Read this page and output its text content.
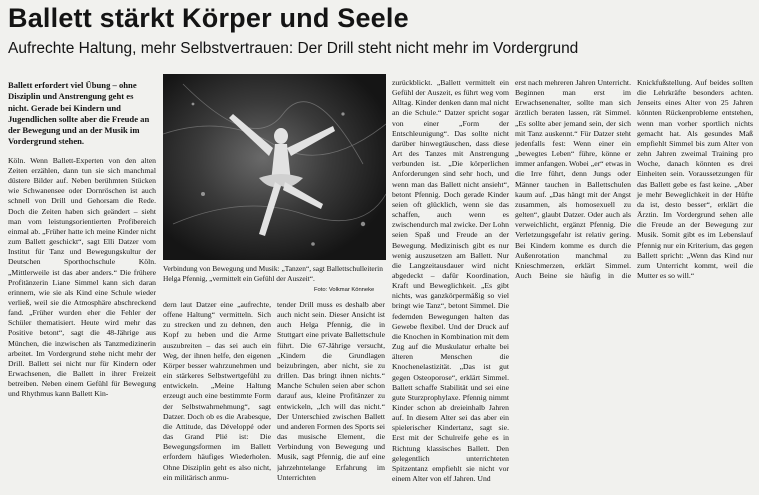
Ballett stärkt Körper und Seele
Aufrechte Haltung, mehr Selbstvertrauen: Der Drill steht nicht mehr im Vordergrund

Ballett erfordert viel Übung – ohne Disziplin und Anstrengung geht es nicht. Gerade bei Kindern und Jugendlichen sollte aber die Freude an der Bewegung und an der Musik im Vordergrund stehen.

Köln. Wenn Ballett-Experten von den alten Zeiten erzählen, dann tun sie sich manchmal düstere Bilder auf. Neben berühmten Stücken wie Schwanensee oder Dornröschen ist auch schnell von Drill und Gehorsam die Rede. Doch die Zeiten haben sich geändert – sieht man vom leistungsorientierten Profibereich einmal ab. „Früher hatte ich meine Kinder nicht zum Ballett geschickt“, sagt Elli Datzer vom Institut für Tanz und Bewegungskultur der Deutschen Sporthochschule Köln. „Mittlerweile ist das aber anders.“ Die frühere Profitänzerin Liane Simmel kann sich daran erinnern, wie sie als Kind eine Schule wieder verließ, weil sie die Atmosphäre abschreckend fand. „Früher wurden eher die Fehler der Schüler thematisiert. Heute wird mehr das Positive betont“, sagt die 48-Jährige aus München, die inzwischen als Tanzmedizinerin arbeitet. Im Vordergrund stehe nicht mehr der Drill. Ballett sei nicht nur für Kindern oder Erwachsenen, die Ballett in ihrer Freizeit betreiben. Neben einem Gefühl für Bewegung und Rhythmus kann Ballett Kin-

Verbindung von Bewegung und Musik: „Tanzen“, sagt Ballettschulleiterin Helga Pfennig, „vermittelt ein Gefühl der Auszeit“.
Foto: Volkmar Könneke

dern laut Datzer eine „aufrechte, offene Haltung“ vermitteln. Sich zu strecken und zu dehnen, den Kopf zu heben und die Arme auszubreiten – das sei auch ein Weg, der ihnen helfe, den eigenen Körper besser wahrzunehmen und ein stärkeres Selbstwertgefühl zu entwickeln. „Meine Haltung erzeugt auch eine bestimmte Form der Selbstwahrnehmung“, sagt Datzer. Doch ob es die Arabesque, die Attitude, das Développé oder das Grand Plié ist: Die Bewegungsformen im Ballett erfordern häufiges Wiederholen. Ohne Disziplin geht es also nicht, ein militärisch anmu-

tender Drill muss es deshalb aber auch nicht sein. Dieser Ansicht ist auch Helga Pfennig, die in Stuttgart eine private Ballettschule führt. Die 67-Jährige versucht, „Kindern die Grundlagen beizubringen, aber nicht, sie zu drillen. Das bringt ihnen nichts.“ Manche Schulen seien aber schon darauf aus, kleine Profitänzer zu entwickeln, „Ich will das nicht.“ Der Unterschied zwischen Ballett und anderen Formen des Sports sei das musische Element, die Verbindung von Bewegung und Musik, sagt Pfennig, die auf eine jahrzehntelange Erfahrung im Unterrichten

zurückblickt. „Ballett vermittelt ein Gefühl der Auszeit, es führt weg vom Alltag. Kinder denken dann mal nicht an die Schule.“ Datzer spricht sogar von einer „Form der Entschleunigung“. Das sollte nicht darüber hinwegtäuschen, dass diese Art des Tanzes mit Anstrengung verbunden ist. „Die körperlichen Anforderungen sind sehr hoch, und wenn man das Ballett nicht ansieht“, betont Pfennig. Doch gerade Kinder seien oft glücklich, wenn sie das schaffen, auch wenn es zwischendurch mal zwicke. Der Lohn seien Spaß und Freude an der Bewegung. Medizinisch gibt es nur wenig auszusetzen am Ballett. Nur die Langzeitausdauer wird nicht abgedeckt – dafür Koordination, Kraft und Beweglichkeit. „Es gibt nichts, was ganzkörpermäßig so viel bringt wie Tanz“, betont Simmel. Die federnden Bewegungen halten das Gewebe flexibel. Und der Druck auf die Knochen in Kombination mit dem Zug auf die Muskulatur erhalte bei älteren Menschen die Knochenelastizität. „Das ist gut gegen Osteoporose“, erklärt Simmel. Ballett schaffe Stabilität und sei eine gute Sturzprophylaxe. Pfennig nimmt Kinder schon ab dreieinhalb Jahren auf. In diesem Alter sei das aber ein spielerischer Kindertanz, sagt sie. Erst mit der Schulreife gehe es in Richtung klassisches Ballett. Den gelegentlich unterrichteten Spitzentanz empfiehlt sie nicht vor einem Alter von elf Jahren. Und

erst nach mehreren Jahren Unterricht. Beginnen man erst im Erwachsenenalter, sollte man sich ärztlich beraten lassen, rät Simmel. „Es sollte aber jemand sein, der sich mit Tanz auskennt.“ Für Datzer steht jedenfalls fest: Wenn einer ein „bewegtes Leben“ führe, könne er immer anfangen. Wobei „er“ etwas in die Irre führt, denn Jungs oder Männer tauchen in Ballettschulen kaum auf. „Das hängt mit der Angst zusammen, als homosexuell zu gelten“, glaubt Datzer. Oder auch als verweichlicht, ergänzt Pfennig. Die Verletzungsgefahr ist relativ gering. Bei Kindern komme es durch die Außenrotation manchmal zu Knieschmerzen, erklärt Simmel. Auch Beine sie häufig in die Knickfußstellung. Auf beides sollten die Lehrkräfte besonders achten. Jenseits eines Alter von 25 Jahren könnten Rückenprobleme entstehen, wenn man vorher sportlich nichts gemacht hat. Als gesundes Maß empfiehlt Simmel bis zum Alter von zehn Jahren zweimal Training pro Woche, danach könnten es drei Einheiten sein. Voraussetzungen für das Ballett gebe es fast keine. „Aber je mehr Beweglichkeit in der Hüfte da ist, desto besser“, erklärt die Ärztin. Im Vordergrund sehen alle die Freude an der Bewegung zur Musik. Somit gibt es im Lebenslauf Pfennig nur ein Kriterium, das gegen Ballett spricht: „Wenn das Kind nur zum Unterricht kommt, weil die Mutter es so will.“
